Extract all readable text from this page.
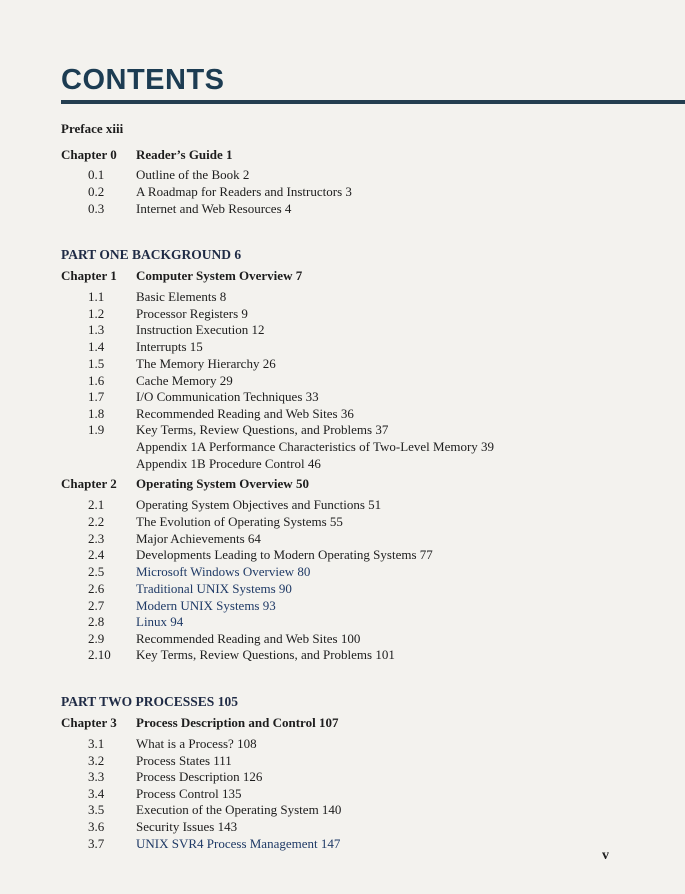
CONTENTS
Preface xiii
Chapter 0 Reader’s Guide 1
0.1	Outline of the Book 2
0.2	A Roadmap for Readers and Instructors 3
0.3	Internet and Web Resources 4
PART ONE BACKGROUND 6
Chapter 1 Computer System Overview 7
1.1	Basic Elements 8
1.2	Processor Registers 9
1.3	Instruction Execution 12
1.4	Interrupts 15
1.5	The Memory Hierarchy 26
1.6	Cache Memory 29
1.7	I/O Communication Techniques 33
1.8	Recommended Reading and Web Sites 36
1.9	Key Terms, Review Questions, and Problems 37
Appendix 1A Performance Characteristics of Two-Level Memory 39
Appendix 1B Procedure Control 46
Chapter 2 Operating System Overview 50
2.1	Operating System Objectives and Functions 51
2.2	The Evolution of Operating Systems 55
2.3	Major Achievements 64
2.4	Developments Leading to Modern Operating Systems 77
2.5	Microsoft Windows Overview 80
2.6	Traditional UNIX Systems 90
2.7	Modern UNIX Systems 93
2.8	Linux 94
2.9	Recommended Reading and Web Sites 100
2.10	Key Terms, Review Questions, and Problems 101
PART TWO PROCESSES 105
Chapter 3 Process Description and Control 107
3.1	What is a Process? 108
3.2	Process States 111
3.3	Process Description 126
3.4	Process Control 135
3.5	Execution of the Operating System 140
3.6	Security Issues 143
3.7	UNIX SVR4 Process Management 147
v
